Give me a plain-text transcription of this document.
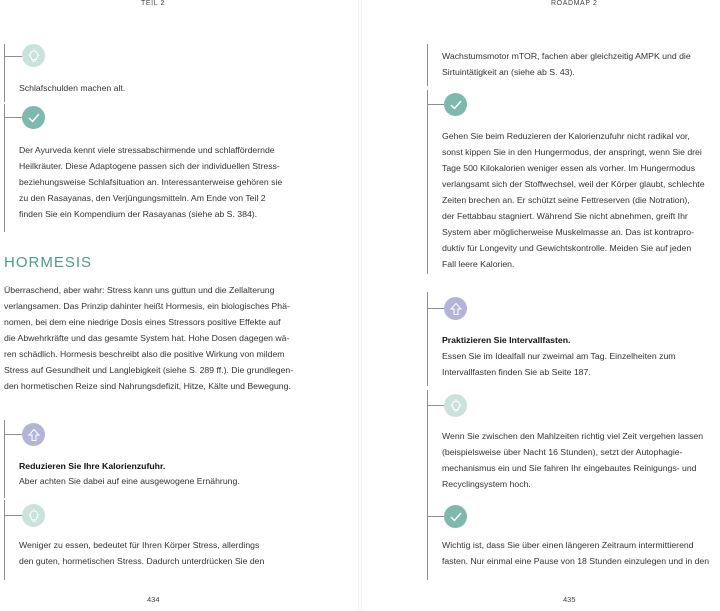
TEIL 2	ROADMAP 2

Schlafschulden machen alt.

Der Ayurveda kennt viele stressabschirmende und schlaffördernde

Heilkräuter. Diese Adaptogene passen sich der individuellen Stress-

beziehungsweise Schlafsituation an. Interessanterweise gehören sie

zu den Rasayanas, den Verjüngungsmitteln. Am Ende von Teil 2

finden Sie ein Kompendium der Rasayanas (siehe ab S. 384).

HORMESIS

Überraschend, aber wahr: Stress kann uns guttun und die Zellalterung

verlangsamen. Das Prinzip dahinter heißt Hormesis, ein biologisches Phä-

nomen, bei dem eine niedrige Dosis eines Stressors positive Effekte auf

die Abwehrkräfte und das gesamte System hat. Hohe Dosen dagegen wä-

ren schädlich. Hormesis beschreibt also die positive Wirkung von mildem

Stress auf Gesundheit und Langlebigkeit (siehe S. 289 ff.). Die grundlegen-

den hormetischen Reize sind Nahrungsdefizit, Hitze, Kälte und Bewegung.

Reduzieren Sie Ihre Kalorienzufuhr.

Aber achten Sie dabei auf eine ausgewogene Ernährung.

Weniger zu essen, bedeutet für Ihren Körper Stress, allerdings

den guten, hormetischen Stress. Dadurch unterdrücken Sie den

434

Wachstumsmotor mTOR, fachen aber gleichzeitig AMPK und die

Sirtuintätigkeit an (siehe ab S. 43).

Gehen Sie beim Reduzieren der Kalorienzufuhr nicht radikal vor,

sonst kippen Sie in den Hungermodus, der anspringt, wenn Sie drei

Tage 500 Kilokalorien weniger essen als vorher. Im Hungermodus

verlangsamt sich der Stoffwechsel, weil der Körper glaubt, schlechte

Zeiten brechen an. Er schützt seine Fettreserven (die Notration),

der Fettabbau stagniert. Während Sie nicht abnehmen, greift Ihr

System aber möglicherweise Muskelmasse an. Das ist kontrapro-

duktiv für Longevity und Gewichtskontrolle. Meiden Sie auf jeden

Fall leere Kalorien.

Praktizieren Sie Intervallfasten.

Essen Sie im Idealfall nur zweimal am Tag. Einzelheiten zum

Intervallfasten finden Sie ab Seite 187.

Wenn Sie zwischen den Mahlzeiten richtig viel Zeit vergehen lassen

(beispielsweise über Nacht 16 Stunden), setzt der Autophagie-

mechanismus ein und Sie fahren Ihr eingebautes Reinigungs- und

Recyclingsystem hoch.

Wichtig ist, dass Sie über einen längeren Zeitraum intermittierend

fasten. Nur einmal eine Pause von 18 Stunden einzulegen und in den

435
